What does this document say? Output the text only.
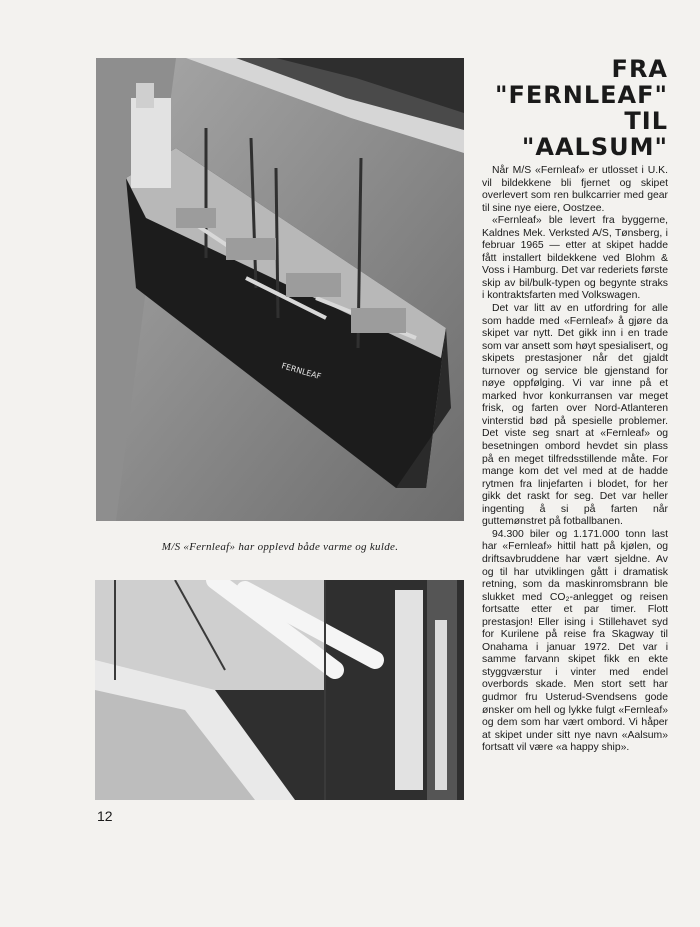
FERNLEAF
M/S «Fernleaf» har opplevd både varme og kulde.
FRA
"FERNLEAF"
TIL
"AALSUM"

Når M/S «Fernleaf» er utlosset i U.K. vil bildekkene bli fjernet og skipet overlevert som ren bulkcarrier med gear til sine nye eiere, Oostzee.

«Fernleaf» ble levert fra byggerne, Kaldnes Mek. Verksted A/S, Tønsberg, i februar 1965 — etter at skipet hadde fått installert bildekkene ved Blohm & Voss i Hamburg. Det var rederiets første skip av bil/bulk-typen og begynte straks i kontraktsfarten med Volkswagen.

Det var litt av en utfordring for alle som hadde med «Fernleaf» å gjøre da skipet var nytt. Det gikk inn i en trade som var ansett som høyt spesialisert, og skipets prestasjoner når det gjaldt turnover og service ble gjenstand for nøye oppfølging. Vi var inne på et marked hvor konkurransen var meget frisk, og farten over Nord-Atlanteren vinterstid bød på spesielle problemer. Det viste seg snart at «Fernleaf» og besetningen ombord hevdet sin plass på en meget tilfredsstillende måte. For mange kom det vel med at de hadde rytmen fra linjefarten i blodet, for her gikk det raskt for seg. Det var heller ingenting å si på farten når guttemønstret på fotballbanen.

94.300 biler og 1.171.000 tonn last har «Fernleaf» hittil hatt på kjølen, og driftsavbruddene har vært sjeldne. Av og til har utviklingen gått i dramatisk retning, som da maskinromsbrann ble slukket med CO₂-anlegget og reisen fortsatte etter et par timer. Flott prestasjon! Eller ising i Stillehavet syd for Kurilene på reise fra Skagway til Onahama i januar 1972. Det var i samme farvann skipet fikk en ekte styggværstur i vinter med endel overbords skade. Men stort sett har gudmor fru Usterud-Svendsens gode ønsker om hell og lykke fulgt «Fernleaf» og dem som har vært ombord. Vi håper at skipet under sitt nye navn «Aalsum» fortsatt vil være «a happy ship».

12
